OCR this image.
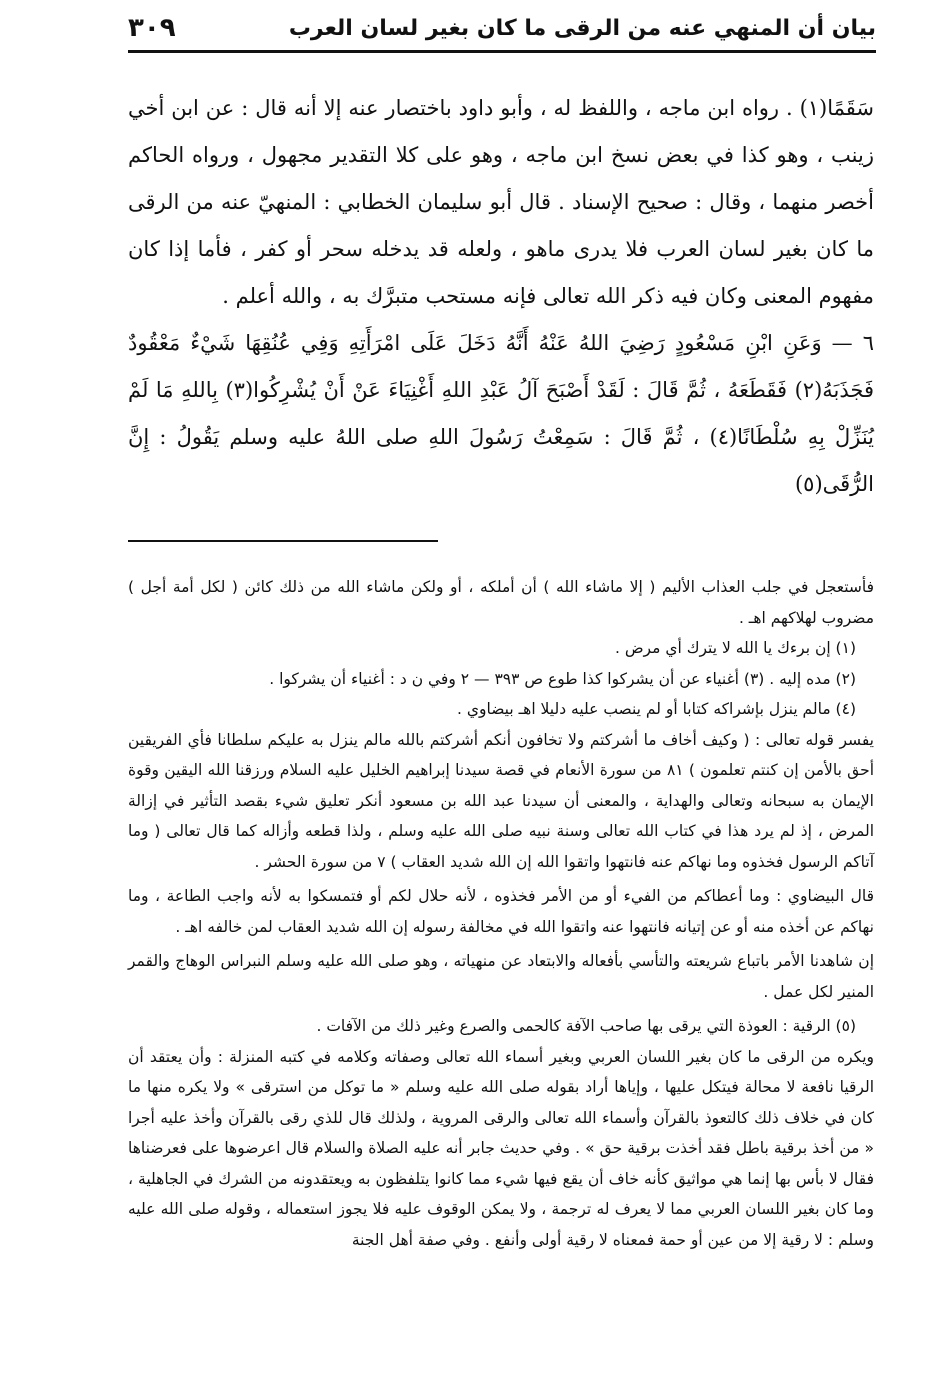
بيان أن المنهي عنه من الرقى ما كان بغير لسان العرب
٣٠٩

سَقَمًا(١) . رواه ابن ماجه ، واللفظ له ، وأبو داود باختصار عنه إلا أنه قال : عن ابن أخي زينب ، وهو كذا في بعض نسخ ابن ماجه ، وهو على كلا التقدير مجهول ، ورواه الحاكم أخصر منهما ، وقال : صحيح الإسناد . قال أبو سليمان الخطابي : المنهيّ عنه من الرقى ما كان بغير لسان العرب فلا يدرى ماهو ، ولعله قد يدخله سحر أو كفر ، فأما إذا كان مفهوم المعنى وكان فيه ذكر الله تعالى فإنه مستحب متبرَّك به ، والله أعلم .

٦ — وَعَنِ ابْنِ مَسْعُودٍ رَضِيَ اللهُ عَنْهُ أَنَّهُ دَخَلَ عَلَى امْرَأَتِهِ وَفِي عُنُقِهَا شَيْءٌ مَعْقُودٌ فَجَذَبَهُ(٢) فَقَطَعَهُ ، ثُمَّ قَالَ : لَقَدْ أَصْبَحَ آلُ عَبْدِ اللهِ أَغْنِيَاءَ عَنْ أَنْ يُشْرِكُوا(٣) بِاللهِ مَا لَمْ يُنَزِّلْ بِهِ سُلْطَانًا(٤) ، ثُمَّ قَالَ : سَمِعْتُ رَسُولَ اللهِ صلى اللهُ عليه وسلم يَقُولُ : إِنَّ الرُّقَى(٥)

فأستعجل في جلب العذاب الأليم ( إلا ماشاء الله ) أن أملكه ، أو ولكن ماشاء الله من ذلك كائن ( لكل أمة أجل ) مضروب لهلاكهم اهـ .

(١) إن برءك يا الله لا يترك أي مرض .

(٢) مده إليه . (٣) أغنياء عن أن يشركوا كذا طوع ص ٣٩٣ — ٢ وفي ن د : أغنياء أن يشركوا .

(٤) مالم ينزل بإشراكه كتابا أو لم ينصب عليه دليلا اهـ بيضاوي .

يفسر قوله تعالى : ( وكيف أخاف ما أشركتم ولا تخافون أنكم أشركتم بالله مالم ينزل به عليكم سلطانا فأي الفريقين أحق بالأمن إن كنتم تعلمون ) ٨١ من سورة الأنعام في قصة سيدنا إبراهيم الخليل عليه السلام ورزقنا الله اليقين وقوة الإيمان به سبحانه وتعالى والهداية ، والمعنى أن سيدنا عبد الله بن مسعود أنكر تعليق شيء بقصد التأثير في إزالة المرض ، إذ لم يرد هذا في كتاب الله تعالى وسنة نبيه صلى الله عليه وسلم ، ولذا قطعه وأزاله كما قال تعالى ( وما آتاكم الرسول فخذوه وما نهاكم عنه فانتهوا واتقوا الله إن الله شديد العقاب ) ٧ من سورة الحشر .

قال البيضاوي : وما أعطاكم من الفيء أو من الأمر فخذوه ، لأنه حلال لكم أو فتمسكوا به لأنه واجب الطاعة ، وما نهاكم عن أخذه منه أو عن إتيانه فانتهوا عنه واتقوا الله في مخالفة رسوله إن الله شديد العقاب لمن خالفه اهـ .

إن شاهدنا الأمر باتباع شريعته والتأسي بأفعاله والابتعاد عن منهياته ، وهو صلى الله عليه وسلم النبراس الوهاج والقمر المنير لكل عمل .

(٥) الرقية : العوذة التي يرقى بها صاحب الآفة كالحمى والصرع وغير ذلك من الآفات .

ويكره من الرقى ما كان بغير اللسان العربي وبغير أسماء الله تعالى وصفاته وكلامه في كتبه المنزلة : وأن يعتقد أن الرقيا نافعة لا محالة فيتكل عليها ، وإياها أراد بقوله صلى الله عليه وسلم « ما توكل من استرقى » ولا يكره منها ما كان في خلاف ذلك كالتعوذ بالقرآن وأسماء الله تعالى والرقى المروية ، ولذلك قال للذي رقى بالقرآن وأخذ عليه أجرا « من أخذ برقية باطل فقد أخذت برقية حق » . وفي حديث جابر أنه عليه الصلاة والسلام قال اعرضوها على فعرضناها فقال لا بأس بها إنما هي مواثيق كأنه خاف أن يقع فيها شيء مما كانوا يتلفظون به ويعتقدونه من الشرك في الجاهلية ، وما كان بغير اللسان العربي مما لا يعرف له ترجمة ، ولا يمكن الوقوف عليه فلا يجوز استعماله ، وقوله صلى الله عليه وسلم : لا رقية إلا من عين أو حمة فمعناه لا رقية أولى وأنفع . وفي صفة أهل الجنة
